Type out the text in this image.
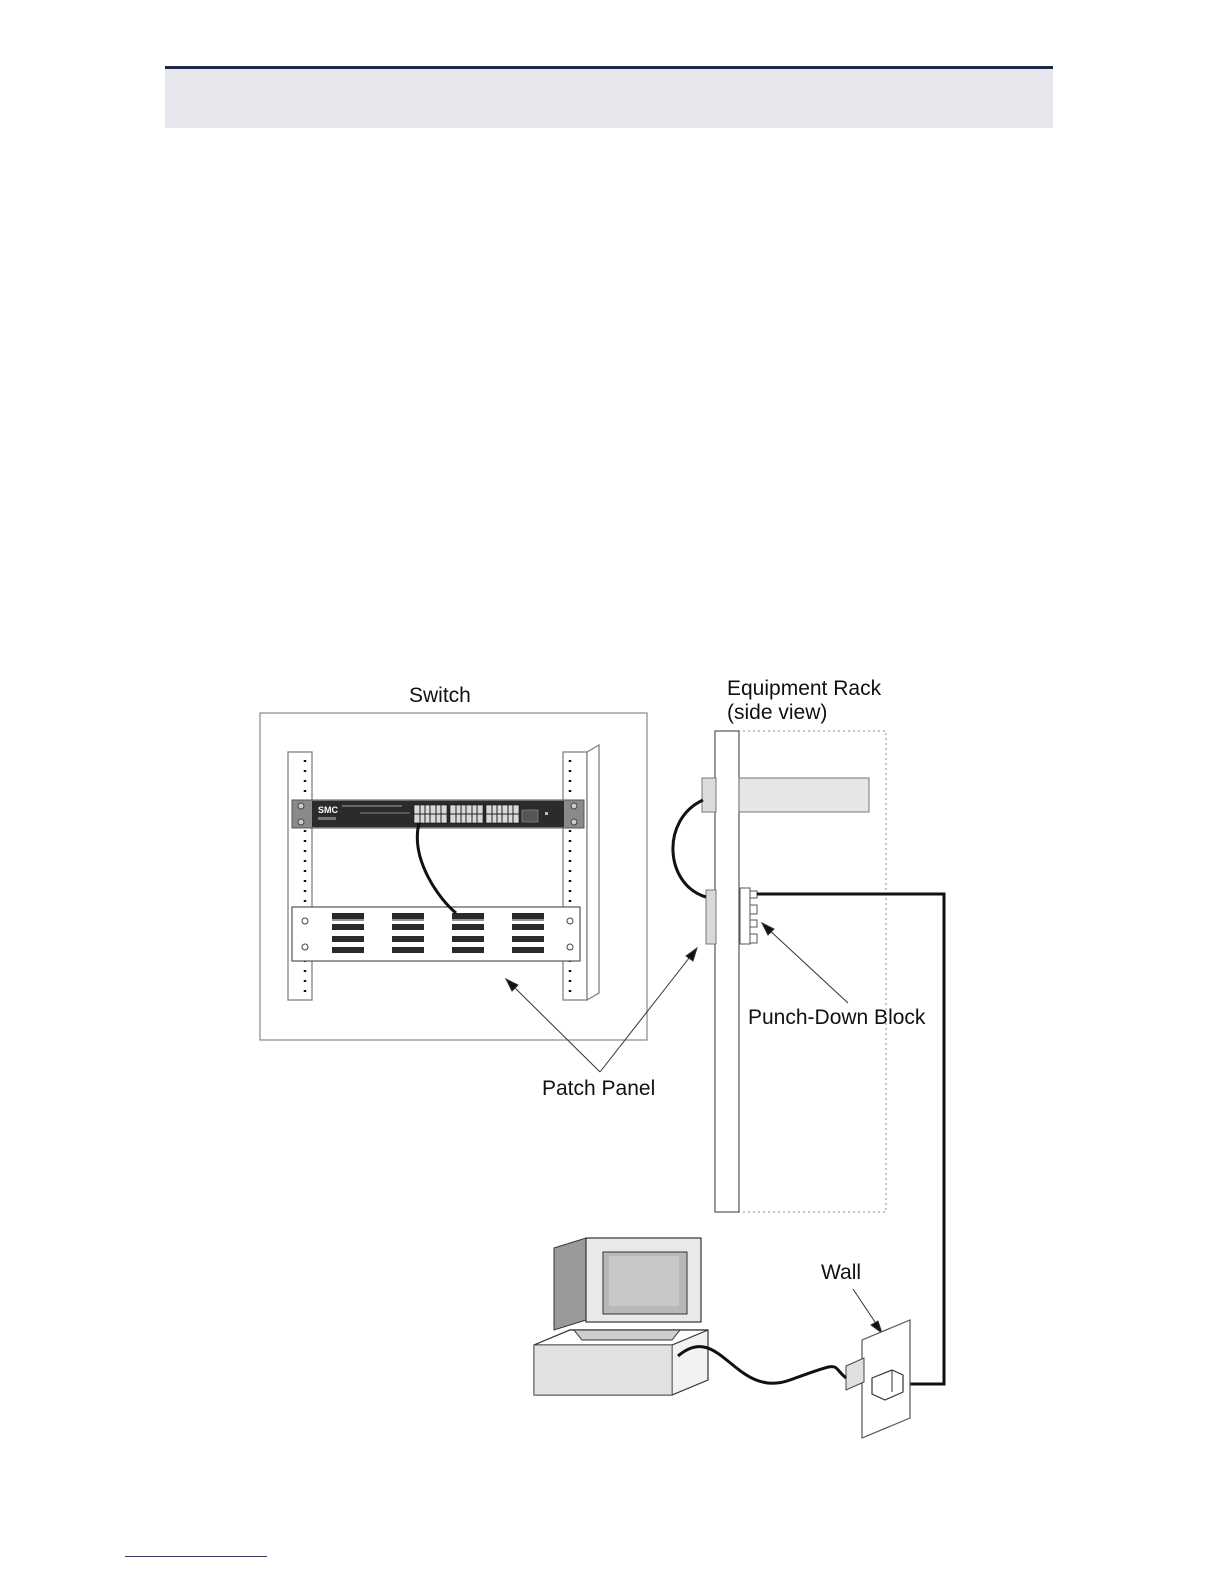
SMC
Switch	Equipment Rack
(side view)
Punch-Down Block
Patch Panel
Wall
